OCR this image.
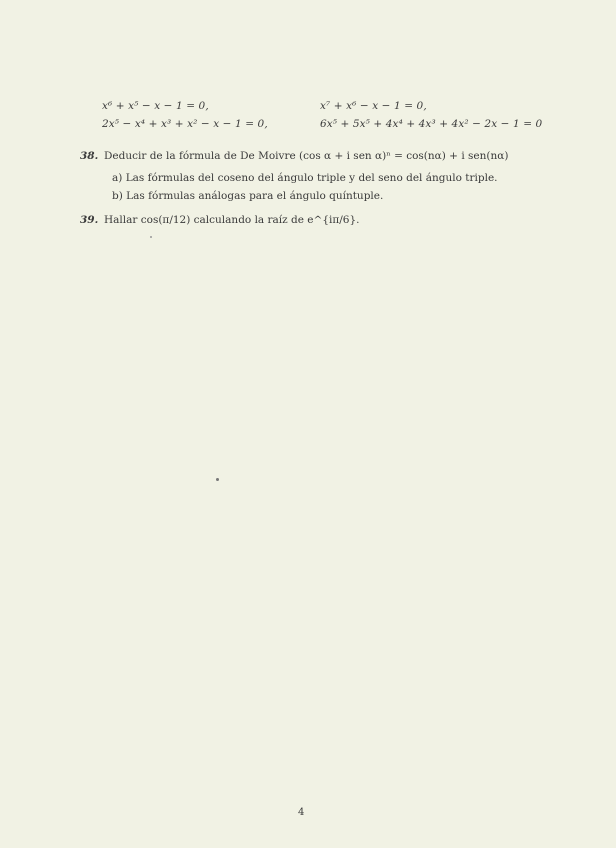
x⁶ + x⁵ − x − 1 = 0,	x⁷ + x⁶ − x − 1 = 0,
2x⁵ − x⁴ + x³ + x² − x − 1 = 0,	6x⁵ + 5x⁵ + 4x⁴ + 4x³ + 4x² − 2x − 1 = 0
38. Deducir de la fórmula de De Moivre (cos α + i sen α)ⁿ = cos(nα) + i sen(nα)
a) Las fórmulas del coseno del ángulo triple y del seno del ángulo triple.
b) Las fórmulas análogas para el ángulo quíntuple.
39. Hallar cos(π/12) calculando la raíz de e^{iπ/6}.
4
